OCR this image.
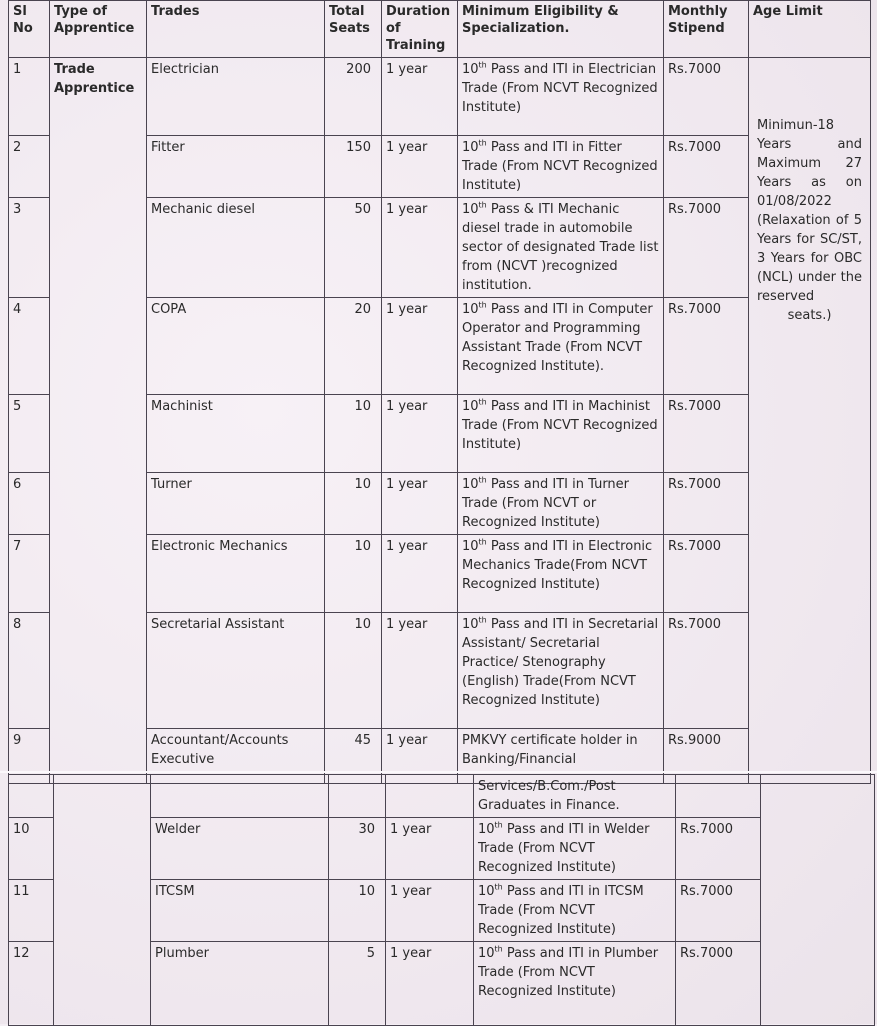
Sl No	Type of Apprentice	Trades	Total Seats	Duration of Training	Minimum Eligibility & Specialization.	Monthly Stipend	Age Limit
1	Trade Apprentice	Electrician	200	1 year	10th Pass and ITI in Electrician Trade (From NCVT Recognized Institute)	Rs.7000	Minimun-18 Years and Maximum 27 Years as on 01/08/2022 (Relaxation of 5 Years for SC/ST, 3 Years for OBC (NCL) under the reserved seats.)
2		Fitter	150	1 year	10th Pass and ITI in Fitter Trade (From NCVT Recognized Institute)	Rs.7000	
3		Mechanic diesel	50	1 year	10th Pass & ITI Mechanic diesel trade in automobile sector of designated Trade list from (NCVT )recognized institution.	Rs.7000	
4		COPA	20	1 year	10th Pass and ITI in Computer Operator and Programming Assistant Trade (From NCVT Recognized Institute).	Rs.7000	
5		Machinist	10	1 year	10th Pass and ITI in Machinist Trade (From NCVT Recognized Institute)	Rs.7000	
6		Turner	10	1 year	10th Pass and ITI in Turner Trade (From NCVT or Recognized Institute)	Rs.7000	
7		Electronic Mechanics	10	1 year	10th Pass and ITI in Electronic Mechanics Trade(From NCVT Recognized Institute)	Rs.7000	
8		Secretarial Assistant	10	1 year	10th Pass and ITI in Secretarial Assistant/ Secretarial Practice/ Stenography (English) Trade(From NCVT Recognized Institute)	Rs.7000	
9		Accountant/Accounts Executive	45	1 year	PMKVY certificate holder in Banking/Financial	Rs.9000	
					Services/B.Com./Post Graduates in Finance.		
10		Welder	30	1 year	10th Pass and ITI in Welder Trade (From NCVT Recognized Institute)	Rs.7000	
11		ITCSM	10	1 year	10th Pass and ITI in ITCSM Trade (From NCVT Recognized Institute)	Rs.7000	
12		Plumber	5	1 year	10th Pass and ITI in Plumber Trade (From NCVT Recognized Institute)	Rs.7000	
